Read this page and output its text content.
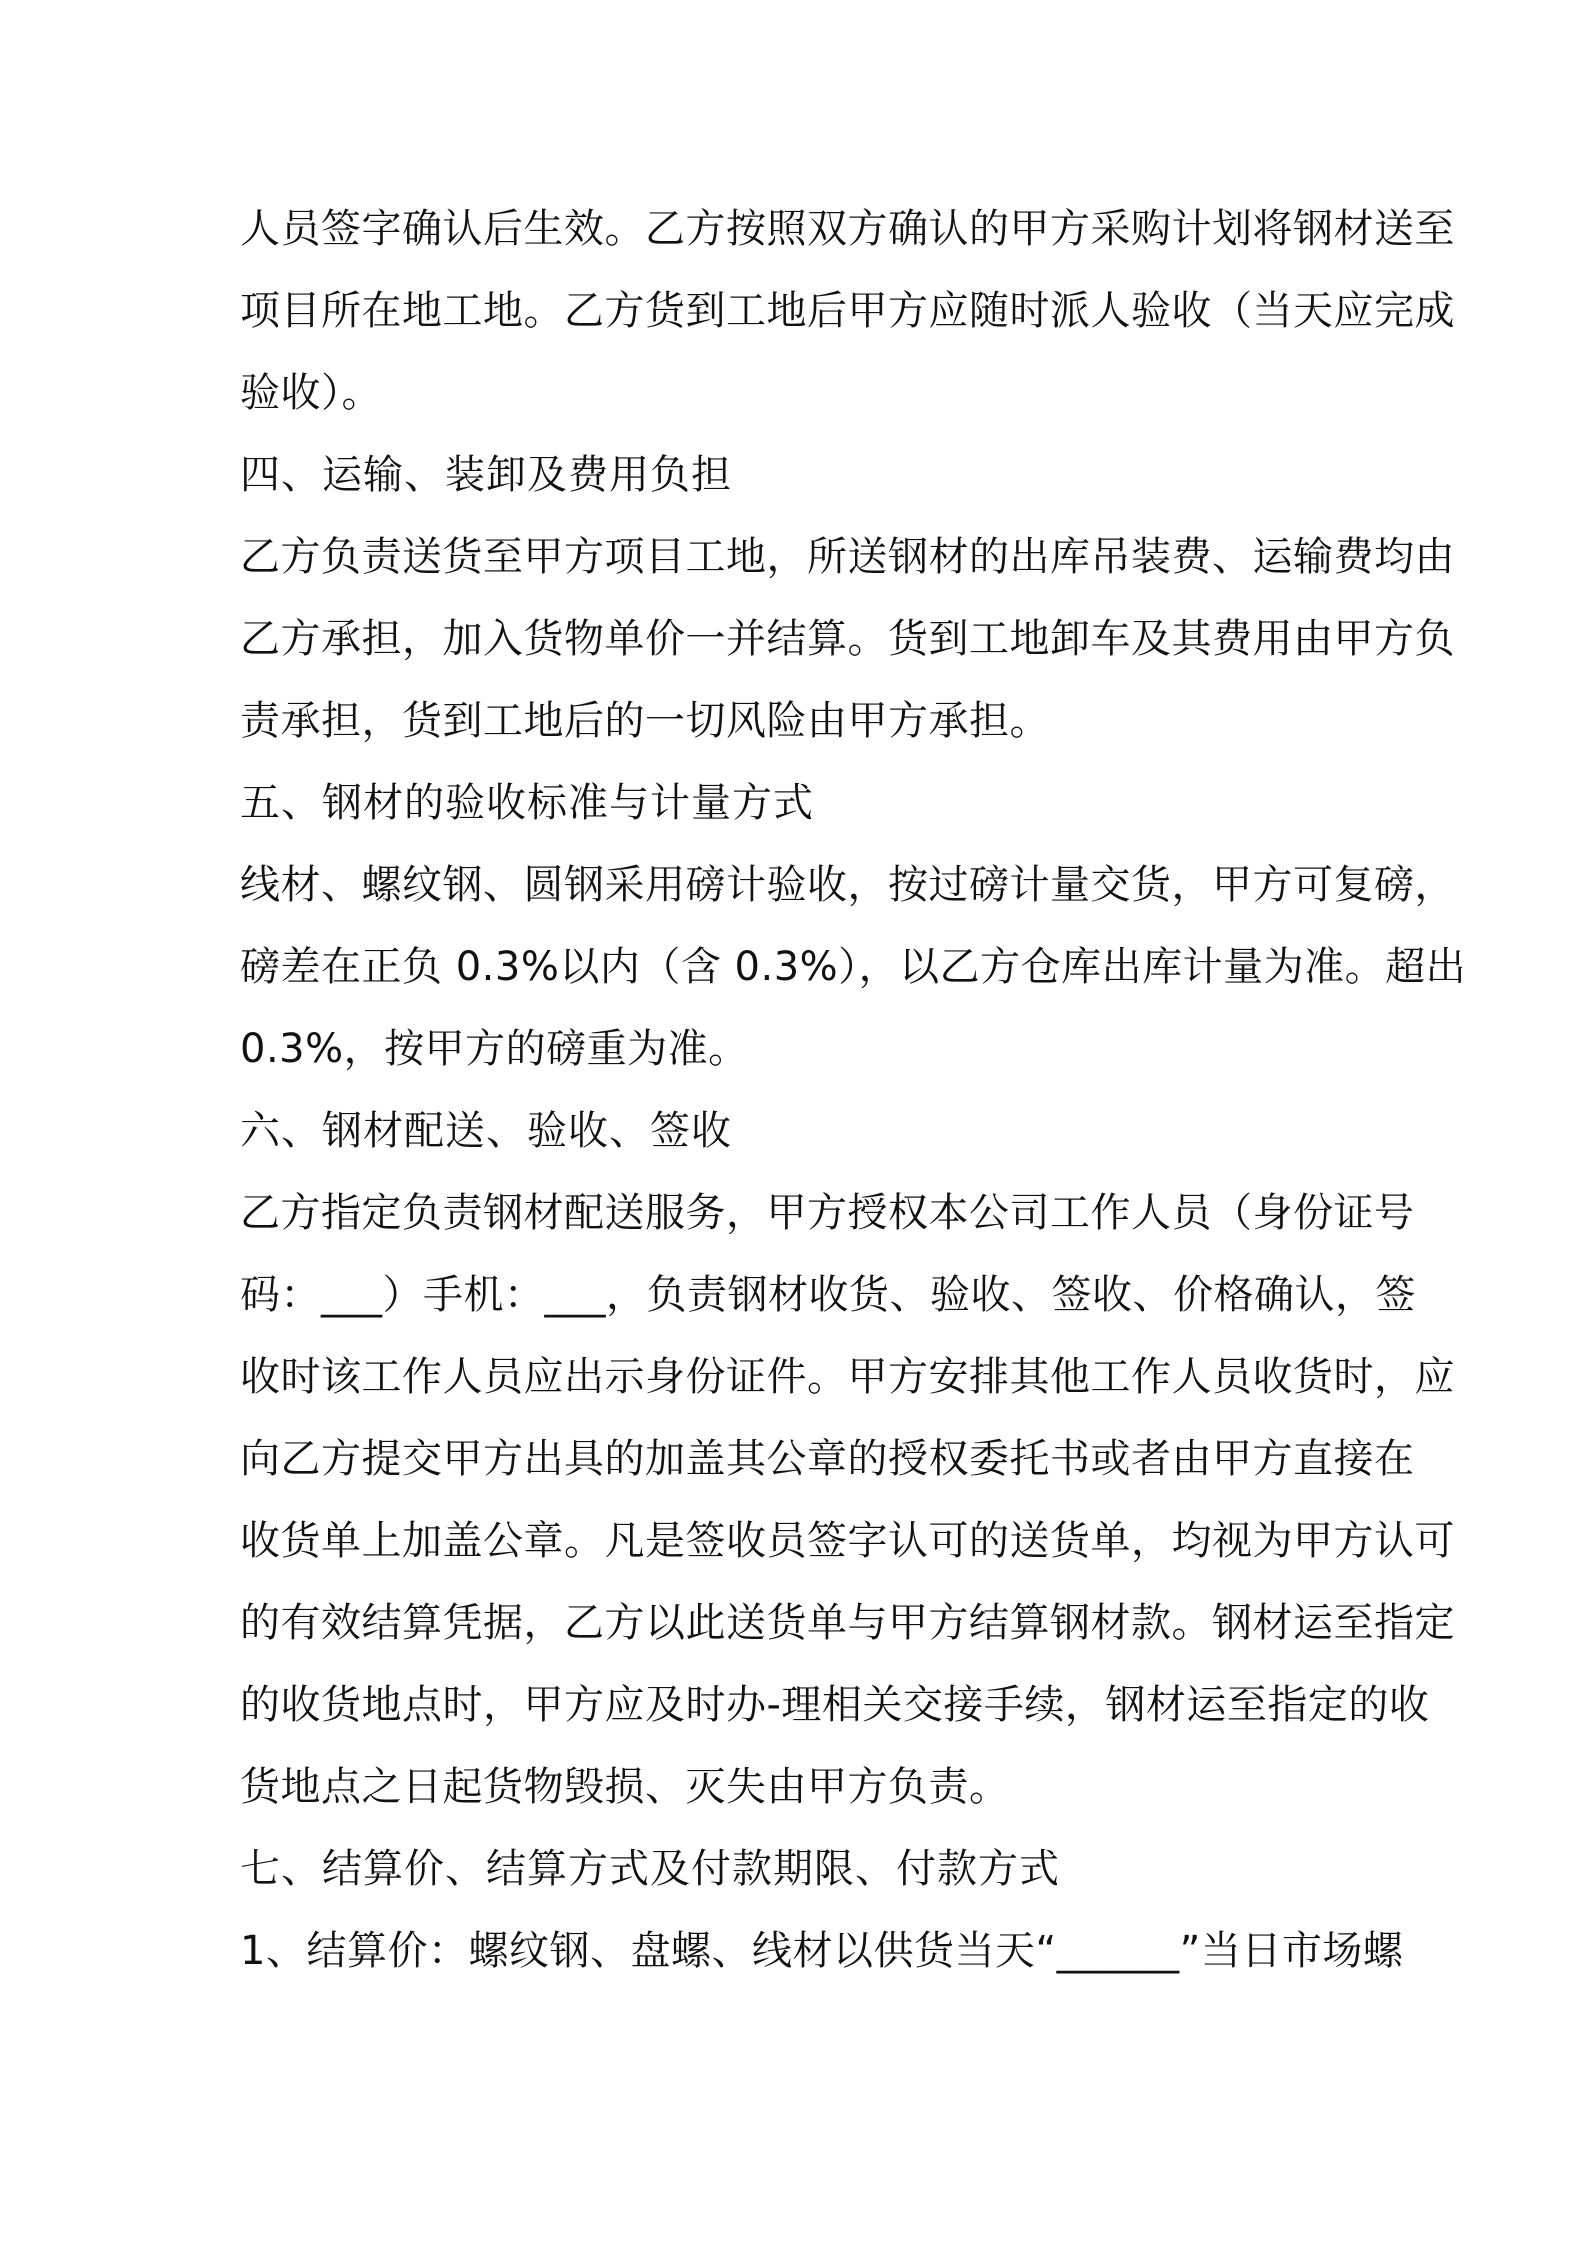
人员签字确认后生效。乙方按照双方确认的甲方采购计划将钢材送至
项目所在地工地。乙方货到工地后甲方应随时派人验收（当天应完成
验收）。
四、运输、装卸及费用负担
乙方负责送货至甲方项目工地，所送钢材的出库吊装费、运输费均由
乙方承担，加入货物单价一并结算。货到工地卸车及其费用由甲方负
责承担，货到工地后的一切风险由甲方承担。
五、钢材的验收标准与计量方式
线材、螺纹钢、圆钢采用磅计验收，按过磅计量交货，甲方可复磅，
磅差在正负 0.3%以内（含 0.3%），以乙方仓库出库计量为准。超出
0.3%，按甲方的磅重为准。
六、钢材配送、验收、签收
乙方指定负责钢材配送服务，甲方授权本公司工作人员（身份证号
码：___）手机：___，负责钢材收货、验收、签收、价格确认，签
收时该工作人员应出示身份证件。甲方安排其他工作人员收货时，应
向乙方提交甲方出具的加盖其公章的授权委托书或者由甲方直接在
收货单上加盖公章。凡是签收员签字认可的送货单，均视为甲方认可
的有效结算凭据，乙方以此送货单与甲方结算钢材款。钢材运至指定
的收货地点时，甲方应及时办-理相关交接手续，钢材运至指定的收
货地点之日起货物毁损、灭失由甲方负责。
七、结算价、结算方式及付款期限、付款方式
1、结算价：螺纹钢、盘螺、线材以供货当天“______”当日市场螺
